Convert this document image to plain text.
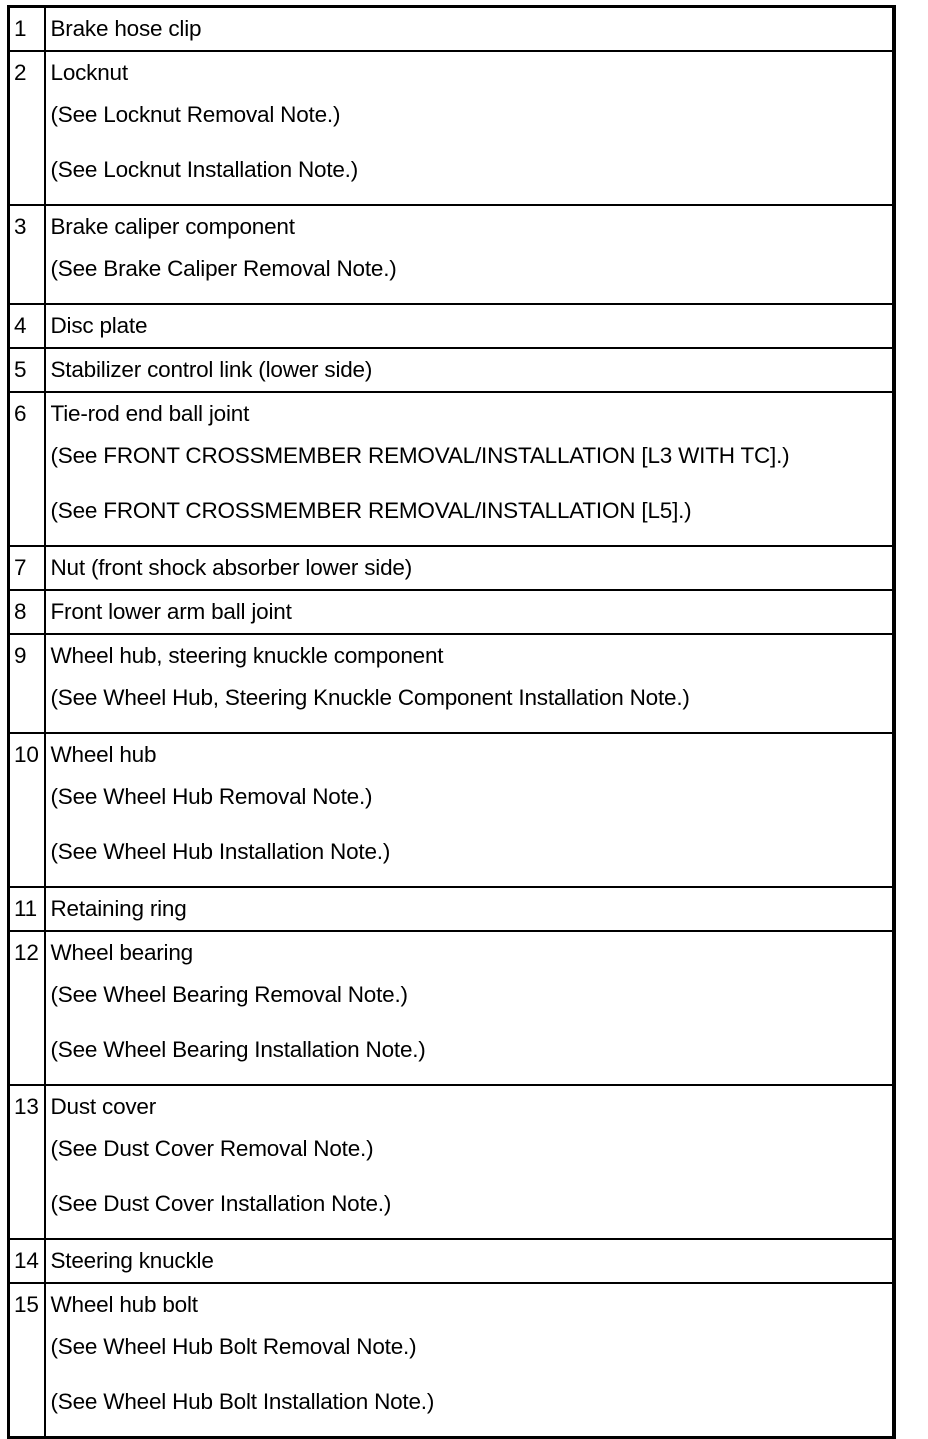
1	Brake hose clip

2	Locknut
(See Locknut Removal Note.)
(See Locknut Installation Note.)

3	Brake caliper component
(See Brake Caliper Removal Note.)

4	Disc plate

5	Stabilizer control link (lower side)

6	Tie-rod end ball joint
(See FRONT CROSSMEMBER REMOVAL/INSTALLATION [L3 WITH TC].)
(See FRONT CROSSMEMBER REMOVAL/INSTALLATION [L5].)

7	Nut (front shock absorber lower side)

8	Front lower arm ball joint

9	Wheel hub, steering knuckle component
(See Wheel Hub, Steering Knuckle Component Installation Note.)

10	Wheel hub
(See Wheel Hub Removal Note.)
(See Wheel Hub Installation Note.)

11	Retaining ring

12	Wheel bearing
(See Wheel Bearing Removal Note.)
(See Wheel Bearing Installation Note.)

13	Dust cover
(See Dust Cover Removal Note.)
(See Dust Cover Installation Note.)

14	Steering knuckle

15	Wheel hub bolt
(See Wheel Hub Bolt Removal Note.)
(See Wheel Hub Bolt Installation Note.)
